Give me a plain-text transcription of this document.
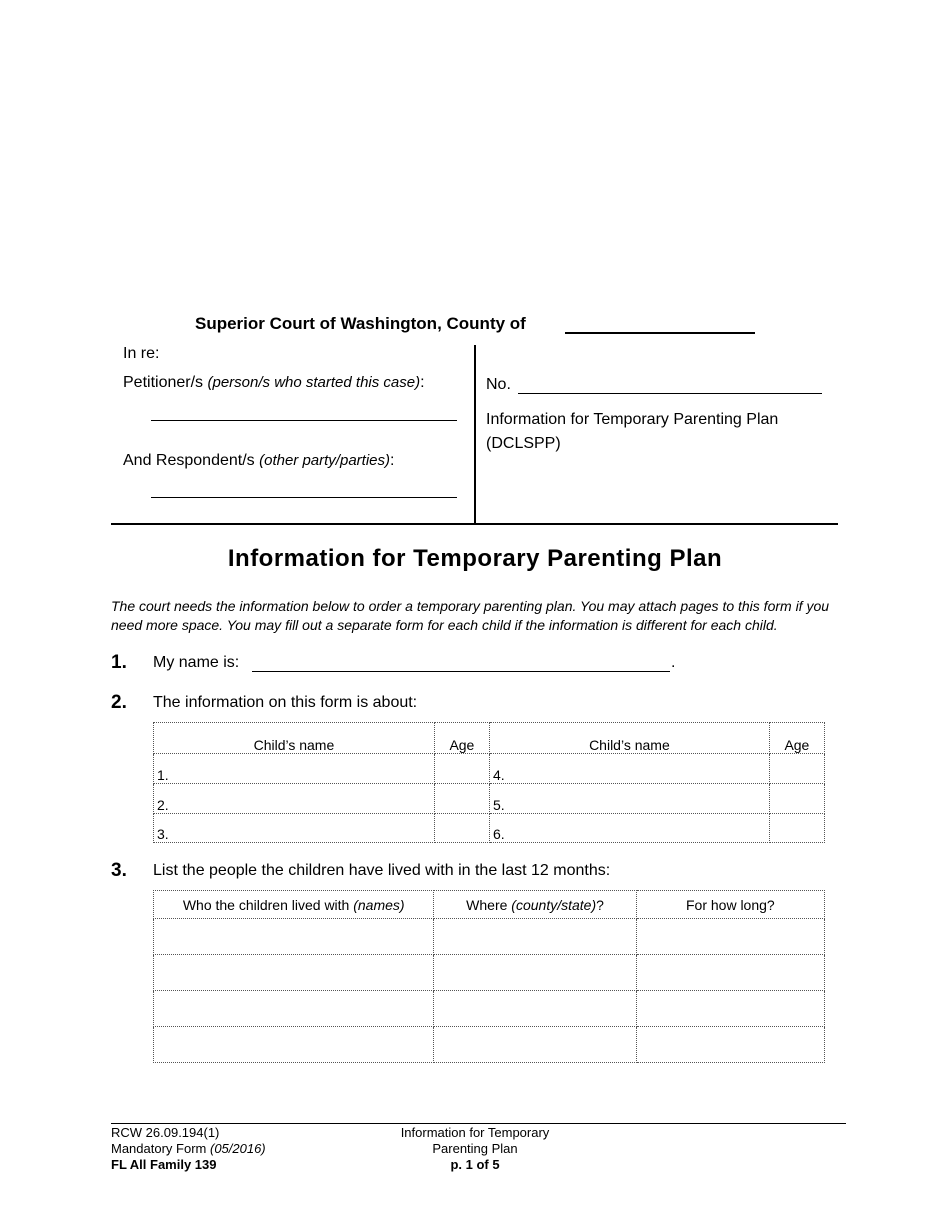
Superior Court of Washington, County of
In re:
Petitioner/s (person/s who started this case):
And Respondent/s (other party/parties):
No.
Information for Temporary Parenting Plan
(DCLSPP)
Information for Temporary Parenting Plan
The court needs the information below to order a temporary parenting plan. You may attach pages to this form if you need more space. You may fill out a separate form for each child if the information is different for each child.
1. My name is:	.
2. The information on this form is about:
Child’s name	Age	Child’s name	Age
1.		4.	
2.		5.	
3.		6.	
3. List the people the children have lived with in the last 12 months:
Who the children lived with (names)	Where (county/state)?	For how long?

RCW 26.09.194(1)
Mandatory Form (05/2016)
FL All Family 139
Information for Temporary
Parenting Plan
p. 1 of 5
